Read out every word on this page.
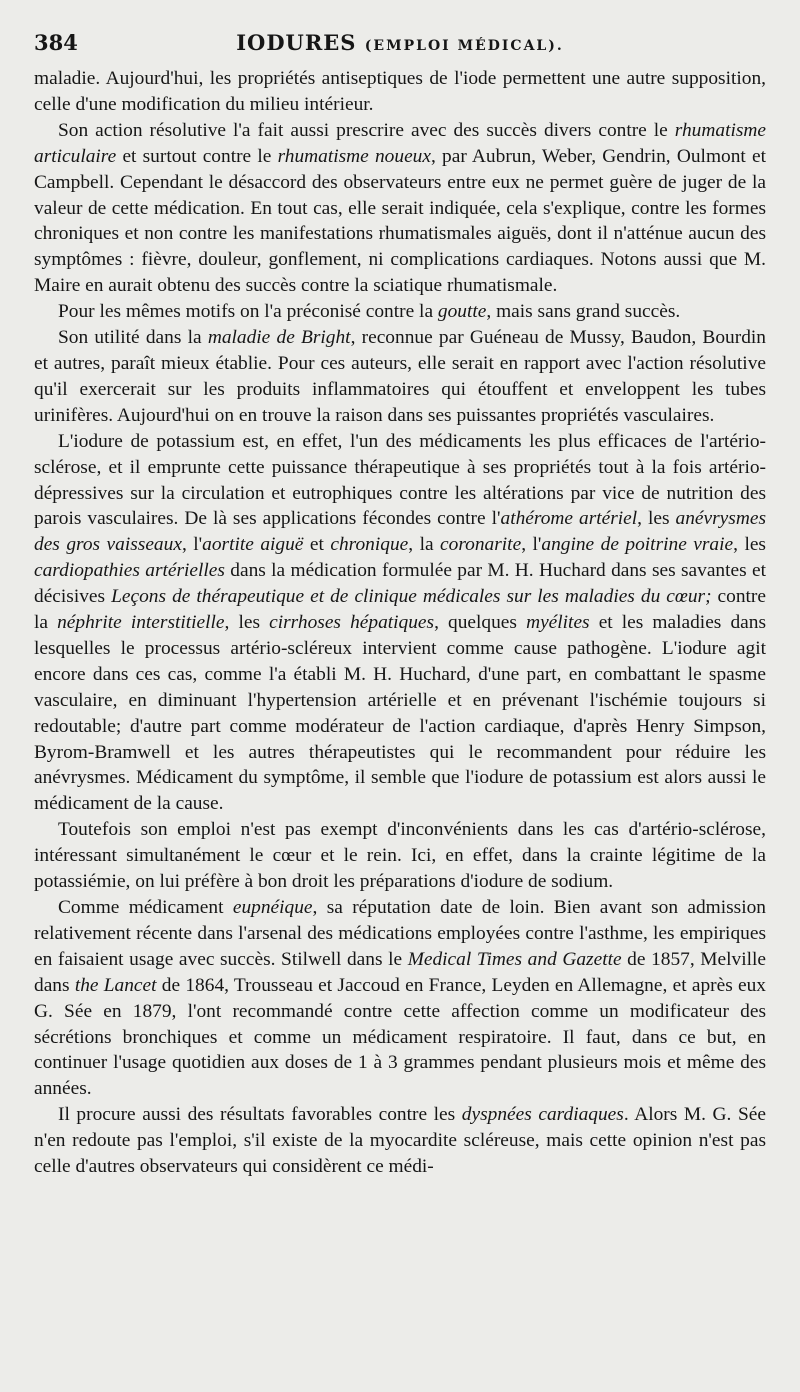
384	IODURES (EMPLOI MÉDICAL).

maladie. Aujourd'hui, les propriétés antiseptiques de l'iode permettent une autre supposition, celle d'une modification du milieu intérieur.

Son action résolutive l'a fait aussi prescrire avec des succès divers contre le rhumatisme articulaire et surtout contre le rhumatisme noueux, par Aubrun, Weber, Gendrin, Oulmont et Campbell. Cependant le désaccord des observateurs entre eux ne permet guère de juger de la valeur de cette médication. En tout cas, elle serait indiquée, cela s'explique, contre les formes chroniques et non contre les manifestations rhumatismales aiguës, dont il n'atténue aucun des symptômes : fièvre, douleur, gonflement, ni complications cardiaques. Notons aussi que M. Maire en aurait obtenu des succès contre la sciatique rhumatismale.

Pour les mêmes motifs on l'a préconisé contre la goutte, mais sans grand succès.

Son utilité dans la maladie de Bright, reconnue par Guéneau de Mussy, Baudon, Bourdin et autres, paraît mieux établie. Pour ces auteurs, elle serait en rapport avec l'action résolutive qu'il exercerait sur les produits inflammatoires qui étouffent et enveloppent les tubes urinifères. Aujourd'hui on en trouve la raison dans ses puissantes propriétés vasculaires.

L'iodure de potassium est, en effet, l'un des médicaments les plus efficaces de l'artério-sclérose, et il emprunte cette puissance thérapeutique à ses propriétés tout à la fois artério-dépressives sur la circulation et eutrophiques contre les altérations par vice de nutrition des parois vasculaires. De là ses applications fécondes contre l'athérome artériel, les anévrysmes des gros vaisseaux, l'aortite aiguë et chronique, la coronarite, l'angine de poitrine vraie, les cardiopathies artérielles dans la médication formulée par M. H. Huchard dans ses savantes et décisives Leçons de thérapeutique et de clinique médicales sur les maladies du cœur; contre la néphrite interstitielle, les cirrhoses hépatiques, quelques myélites et les maladies dans lesquelles le processus artério-scléreux intervient comme cause pathogène. L'iodure agit encore dans ces cas, comme l'a établi M. H. Huchard, d'une part, en combattant le spasme vasculaire, en diminuant l'hypertension artérielle et en prévenant l'ischémie toujours si redoutable; d'autre part comme modérateur de l'action cardiaque, d'après Henry Simpson, Byrom-Bramwell et les autres thérapeutistes qui le recommandent pour réduire les anévrysmes. Médicament du symptôme, il semble que l'iodure de potassium est alors aussi le médicament de la cause.

Toutefois son emploi n'est pas exempt d'inconvénients dans les cas d'artério-sclérose, intéressant simultanément le cœur et le rein. Ici, en effet, dans la crainte légitime de la potassiémie, on lui préfère à bon droit les préparations d'iodure de sodium.

Comme médicament eupnéique, sa réputation date de loin. Bien avant son admission relativement récente dans l'arsenal des médications employées contre l'asthme, les empiriques en faisaient usage avec succès. Stilwell dans le Medical Times and Gazette de 1857, Melville dans the Lancet de 1864, Trousseau et Jaccoud en France, Leyden en Allemagne, et après eux G. Sée en 1879, l'ont recommandé contre cette affection comme un modificateur des sécrétions bronchiques et comme un médicament respiratoire. Il faut, dans ce but, en continuer l'usage quotidien aux doses de 1 à 3 grammes pendant plusieurs mois et même des années.

Il procure aussi des résultats favorables contre les dyspnées cardiaques. Alors M. G. Sée n'en redoute pas l'emploi, s'il existe de la myocardite scléreuse, mais cette opinion n'est pas celle d'autres observateurs qui considèrent ce médi-
